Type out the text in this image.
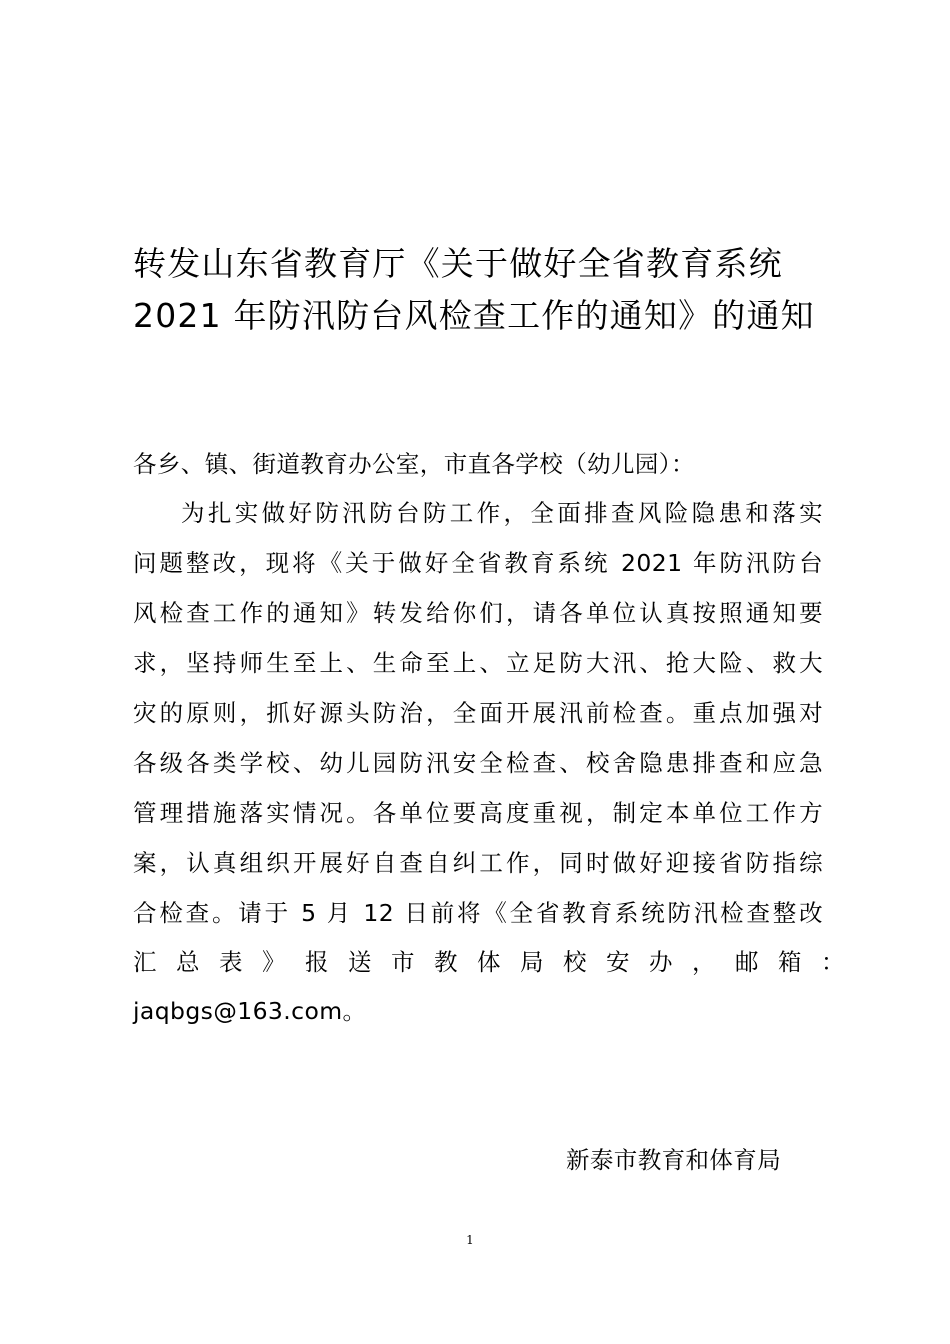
转发山东省教育厅《关于做好全省教育系统2021 年防汛防台风检查工作的通知》的通知

各乡、镇、街道教育办公室，市直各学校（幼儿园）：

为扎实做好防汛防台防工作，全面排查风险隐患和落实

问题整改，现将《关于做好全省教育系统 2021 年防汛防台

风检查工作的通知》转发给你们，请各单位认真按照通知要

求，坚持师生至上、生命至上、立足防大汛、抢大险、救大

灾的原则，抓好源头防治，全面开展汛前检查。重点加强对

各级各类学校、幼儿园防汛安全检查、校舍隐患排查和应急

管理措施落实情况。各单位要高度重视，制定本单位工作方

案，认真组织开展好自查自纠工作，同时做好迎接省防指综

合检查。请于 5 月 12 日前将《全省教育系统防汛检查整改

汇总表》报送市教体局校安办，邮箱：

jaqbgs@163.com。

新泰市教育和体育局
1
